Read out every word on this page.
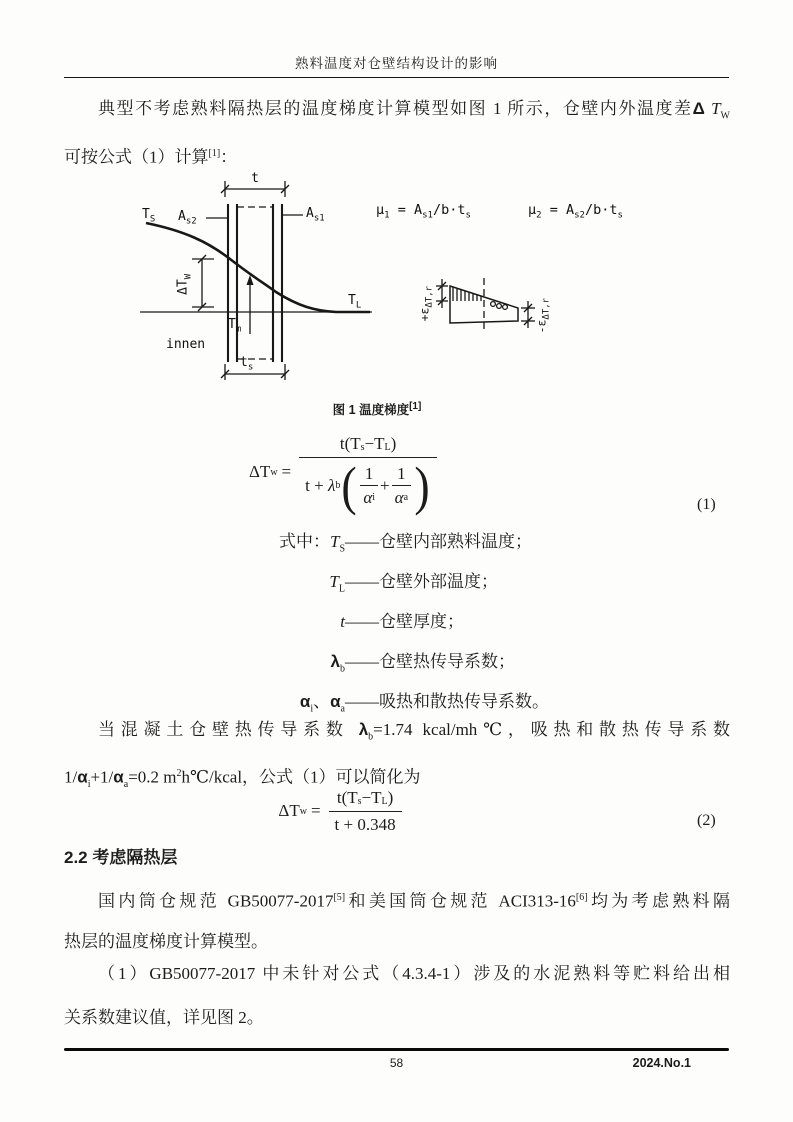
熟料温度对仓壁结构设计的影响
典型不考虑熟料隔热层的温度梯度计算模型如图 1 所示，仓壁内外温度差Δ $T_W$
可按公式（1）计算[1]：
t
$T_S$ $A_{s2}$
$A_{s1}$
$\Delta T_W$
$T_m$
$T_L$
innen
$t_s$
$\mu_1 = A_{s1}/b\cdot t_s$	$\mu_2 = A_{s2}/b\cdot t_s$
$+\varepsilon_{\Delta T,r}$
$-\varepsilon_{\Delta T,r}$
图 1 温度梯度[1]
ΔT w =
$t(T_s -T_L$ )
t + λ b ( $\frac{1}{\text{α i}} + \frac{1}{\text{α a}}$ )	(1)
式中：$T_S$ ——仓壁内部熟料温度；
$T_L$ ——仓壁外部温度；
t ——仓壁厚度；
$\lambda_b$ ——仓壁热传导系数；
$\alpha_i$、$\alpha_a$ ——吸热和散热传导系数。
当混凝土仓壁热传导系数 $\lambda_b=1.74$ kcal/mh℃，吸热和散热传导系数
$1/\alpha_i+1/\alpha_a=0.2$ $m^2h℃$/kcal，公式（1）可以简化为
ΔT $w = \frac{t(T_s -T_L )}{t + 0.348}$	(2)
2.2 考虑隔热层
国内筒仓规范 GB50077-2017[5]和美国筒仓规范 ACI313-16[6]均为考虑熟料隔
热层的温度梯度计算模型。
（1）GB50077-2017 中未针对公式（4.3.4-1）涉及的水泥熟料等贮料给出相
关系数建议值，详见图 2。
58	2024.No.1
